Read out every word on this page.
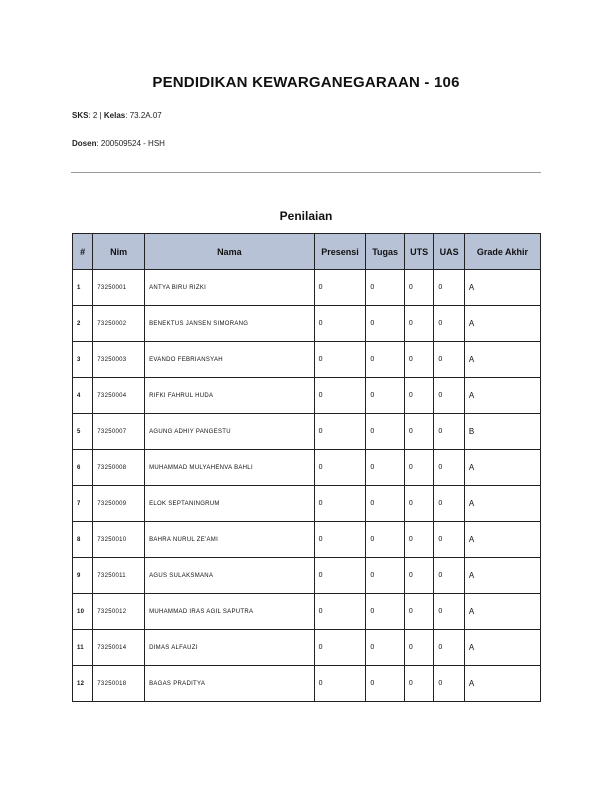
PENDIDIKAN KEWARGANEGARAAN - 106
SKS: 2 | Kelas: 73.2A.07
Dosen: 200509524 - HSH
Penilaian
#	Nim	Nama	Presensi	Tugas	UTS	UAS	Grade Akhir
1	73250001	ANTYA BIRU RIZKI	0	0	0	0	A
2	73250002	BENEKTUS JANSEN SIMORANG	0	0	0	0	A
3	73250003	EVANDO FEBRIANSYAH	0	0	0	0	A
4	73250004	RIFKI FAHRUL HUDA	0	0	0	0	A
5	73250007	AGUNG ADHIY PANGESTU	0	0	0	0	B
6	73250008	MUHAMMAD MULYAHENVA BAHLI	0	0	0	0	A
7	73250009	ELOK SEPTANINGRUM	0	0	0	0	A
8	73250010	BAHRA NURUL ZE'AMI	0	0	0	0	A
9	73250011	AGUS SULAKSMANA	0	0	0	0	A
10	73250012	MUHAMMAD IRAS AGIL SAPUTRA	0	0	0	0	A
11	73250014	DIMAS ALFAUZI	0	0	0	0	A
12	73250018	BAGAS PRADITYA	0	0	0	0	A
